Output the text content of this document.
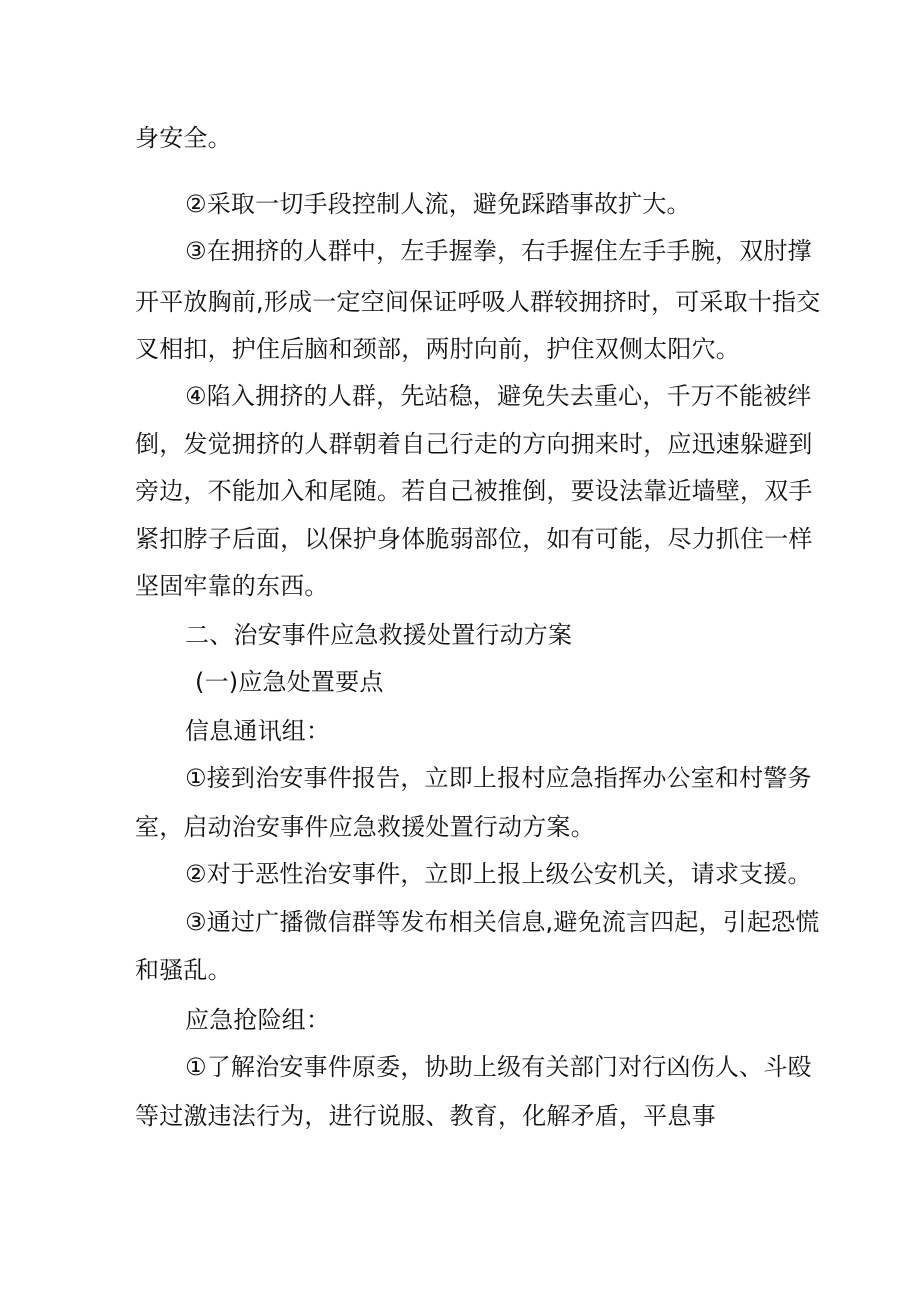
身安全。
②采取一切手段控制人流，避免踩踏事故扩大。
③在拥挤的人群中，左手握拳，右手握住左手手腕，双肘撑
开平放胸前,形成一定空间保证呼吸人群较拥挤时，可采取十指交
叉相扣，护住后脑和颈部，两肘向前，护住双侧太阳穴。
④陷入拥挤的人群，先站稳，避免失去重心，千万不能被绊
倒，发觉拥挤的人群朝着自己行走的方向拥来时，应迅速躲避到
旁边，不能加入和尾随。若自己被推倒，要设法靠近墙壁，双手
紧扣脖子后面，以保护身体脆弱部位，如有可能，尽力抓住一样
坚固牢靠的东西。
二、治安事件应急救援处置行动方案
(一)应急处置要点
信息通讯组：
①接到治安事件报告，立即上报村应急指挥办公室和村警务
室，启动治安事件应急救援处置行动方案。
②对于恶性治安事件，立即上报上级公安机关，请求支援。
③通过广播微信群等发布相关信息,避免流言四起，引起恐慌
和骚乱。
应急抢险组：
①了解治安事件原委，协助上级有关部门对行凶伤人、斗殴
等过激违法行为，进行说服、教育，化解矛盾，平息事
